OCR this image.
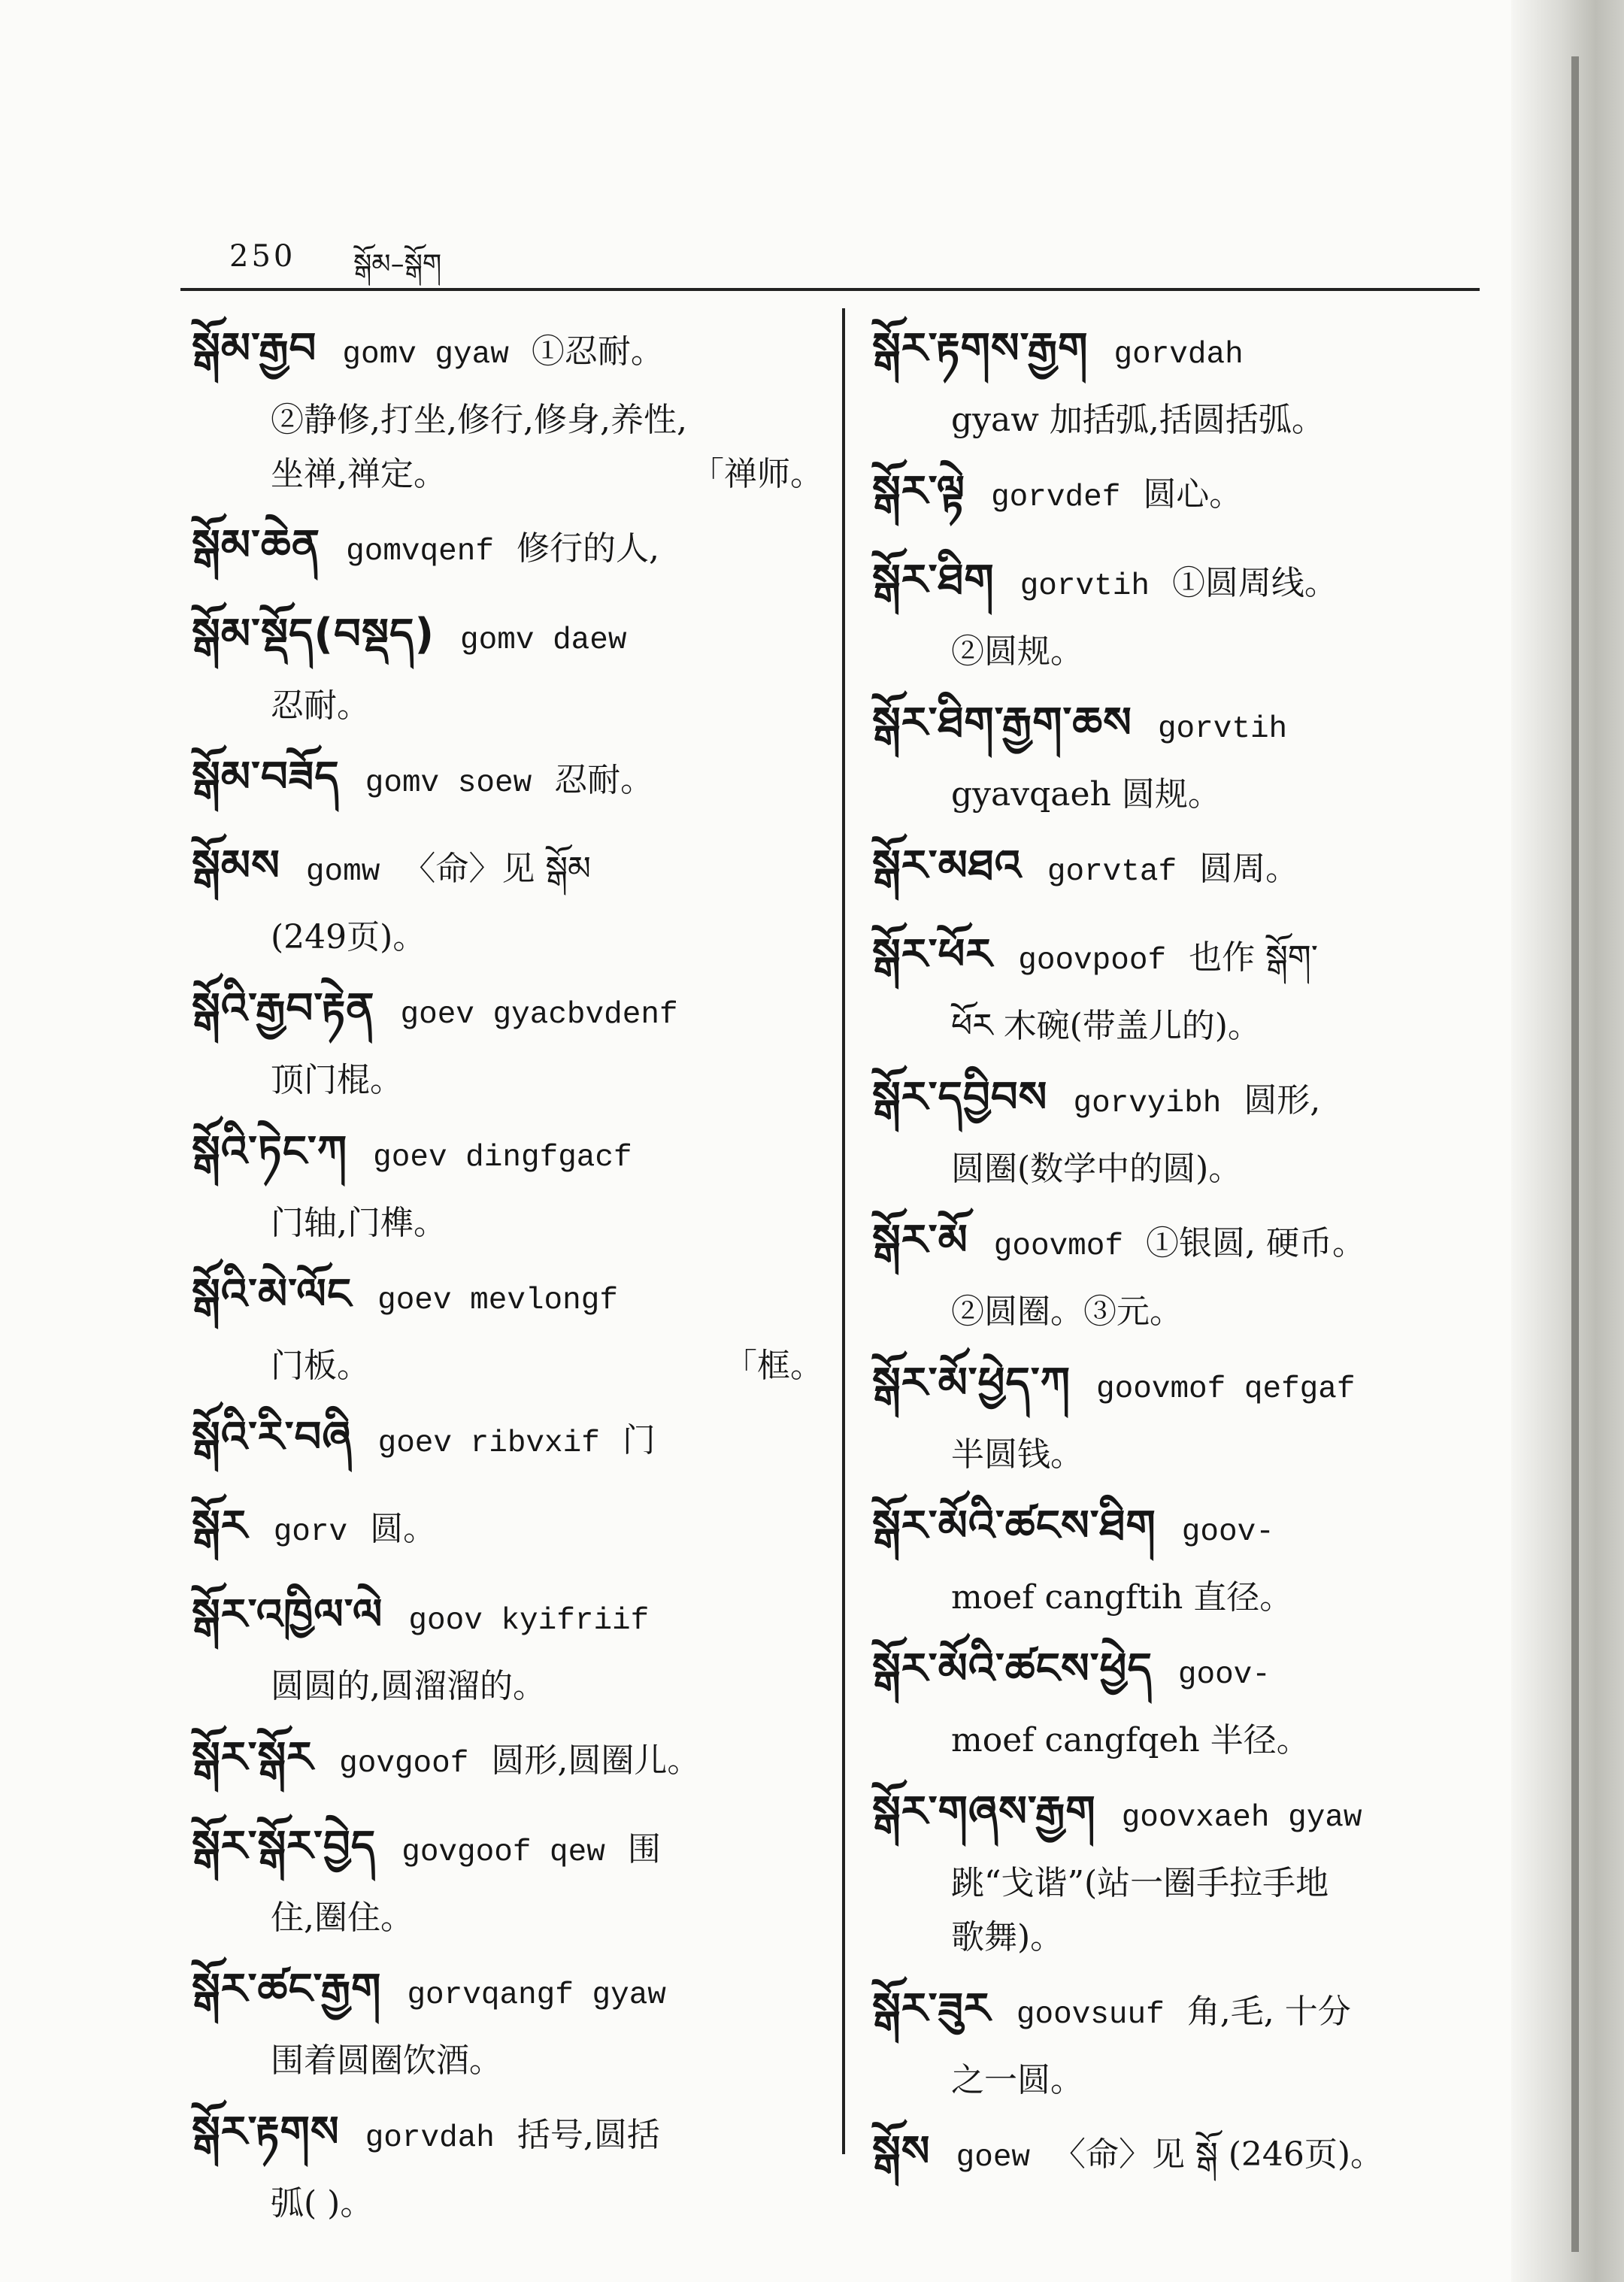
250 སྒོམ–སྒོག
སྒོམ་རྒྱབ gomv gyaw ①忍耐。
②静修,打坐,修行,修身,养性,
「禅师。
坐禅,禅定。
སྒོམ་ཆེན gomvqenf 修行的人,
སྒོམ་སྡོད(བསྡད) gomv daew
忍耐。
སྒོམ་བཟོད gomv soew 忍耐。
སྒོམས gomw 〈命〉见 སྒོམ
(249页)。
སྒོའི་རྒྱབ་རྟེན goev gyacbvdenf
顶门棍。
སྒོའི་ཏེང་ཀ goev dingfgacf
门轴,门榫。
སྒོའི་མེ་ལོང goev mevlongf
「框。
门板。
སྒོའི་རི་བཞི goev ribvxif 门
སྒོར gorv 圆。
སྒོར་འཁྱིལ་ལེ goov kyifriif
圆圆的,圆溜溜的。
སྒོར་སྒོར govgoof 圆形,圆圈儿。
སྒོར་སྒོར་བྱེད govgoof qew 围
住,圈住。
སྒོར་ཚང་རྒྱག gorvqangf gyaw
围着圆圈饮酒。
སྒོར་རྟགས gorvdah 括号,圆括
弧( )。
སྒོར་རྟགས་རྒྱག gorvdah
gyaw 加括弧,括圆括弧。
སྒོར་ལྟེ gorvdef 圆心。
སྒོར་ཐིག gorvtih ①圆周线。
②圆规。
སྒོར་ཐིག་རྒྱག་ཆས gorvtih
gyavqaeh 圆规。
སྒོར་མཐའ gorvtaf 圆周。
སྒོར་ཕོར goovpoof 也作 སྒོག་
ཕོར 木碗(带盖儿的)。
སྒོར་དབྱིབས gorvyibh 圆形,
圆圈(数学中的圆)。
སྒོར་མོ goovmof ①银圆, 硬币。
②圆圈。③元。
སྒོར་མོ་ཕྱེད་ཀ goovmof qefgaf
半圆钱。
སྒོར་མོའི་ཚངས་ཐིག goov-
moef cangftih 直径。
སྒོར་མོའི་ཚངས་ཕྱེད goov-
moef cangfqeh 半径。
སྒོར་གཞས་རྒྱག goovxaeh gyaw
跳“戈谐”(站一圈手拉手地
歌舞)。
སྒོར་ཟུར goovsuuf 角,毛, 十分
之一圆。
སྒོས goew 〈命〉见 སྒོ (246页)。
